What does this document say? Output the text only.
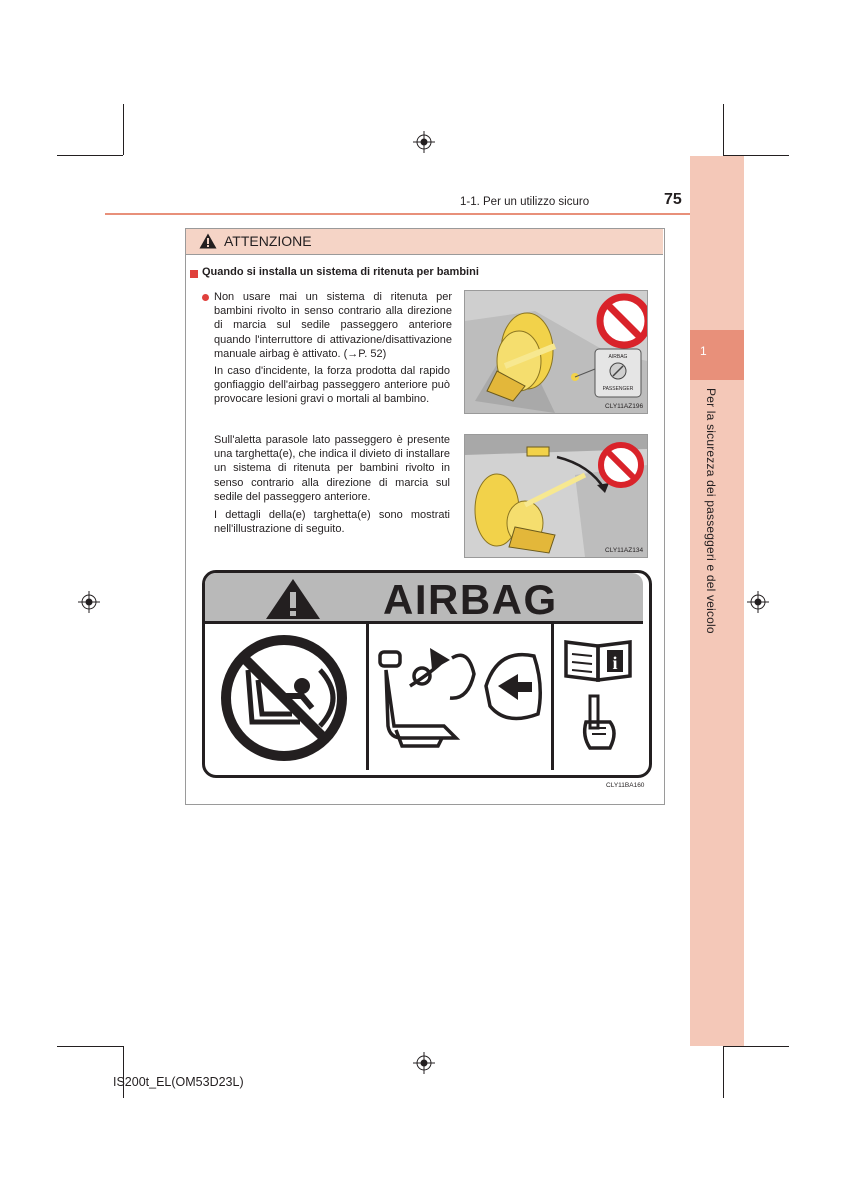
1
Per la sicurezza dei passeggeri e del veicolo
1-1. Per un utilizzo sicuro	75
ATTENZIONE
Quando si installa un sistema di ritenuta per bambini
Non usare mai un sistema di ritenuta per bambini rivolto in senso contrario alla direzione di marcia sul sedile passeggero anteriore quando l'interruttore di attivazione/disattivazione manuale airbag è attivato. (→P. 52)
In caso d'incidente, la forza prodotta dal rapido gonfiaggio dell'airbag passeggero anteriore può provocare lesioni gravi o mortali al bambino.
Sull'aletta parasole lato passeggero è presente una targhetta(e), che indica il divieto di installare un sistema di ritenuta per bambini rivolto in senso contrario alla direzione di marcia sul sedile del passeggero anteriore.
I dettagli della(e) targhetta(e) sono mostrati nell'illustrazione di seguito.
AIRBAG
PASSENGER
CLY11AZ196
CLY11AZ134
AIRBAG
i
CLY11BA160
IS200t_EL(OM53D23L)
